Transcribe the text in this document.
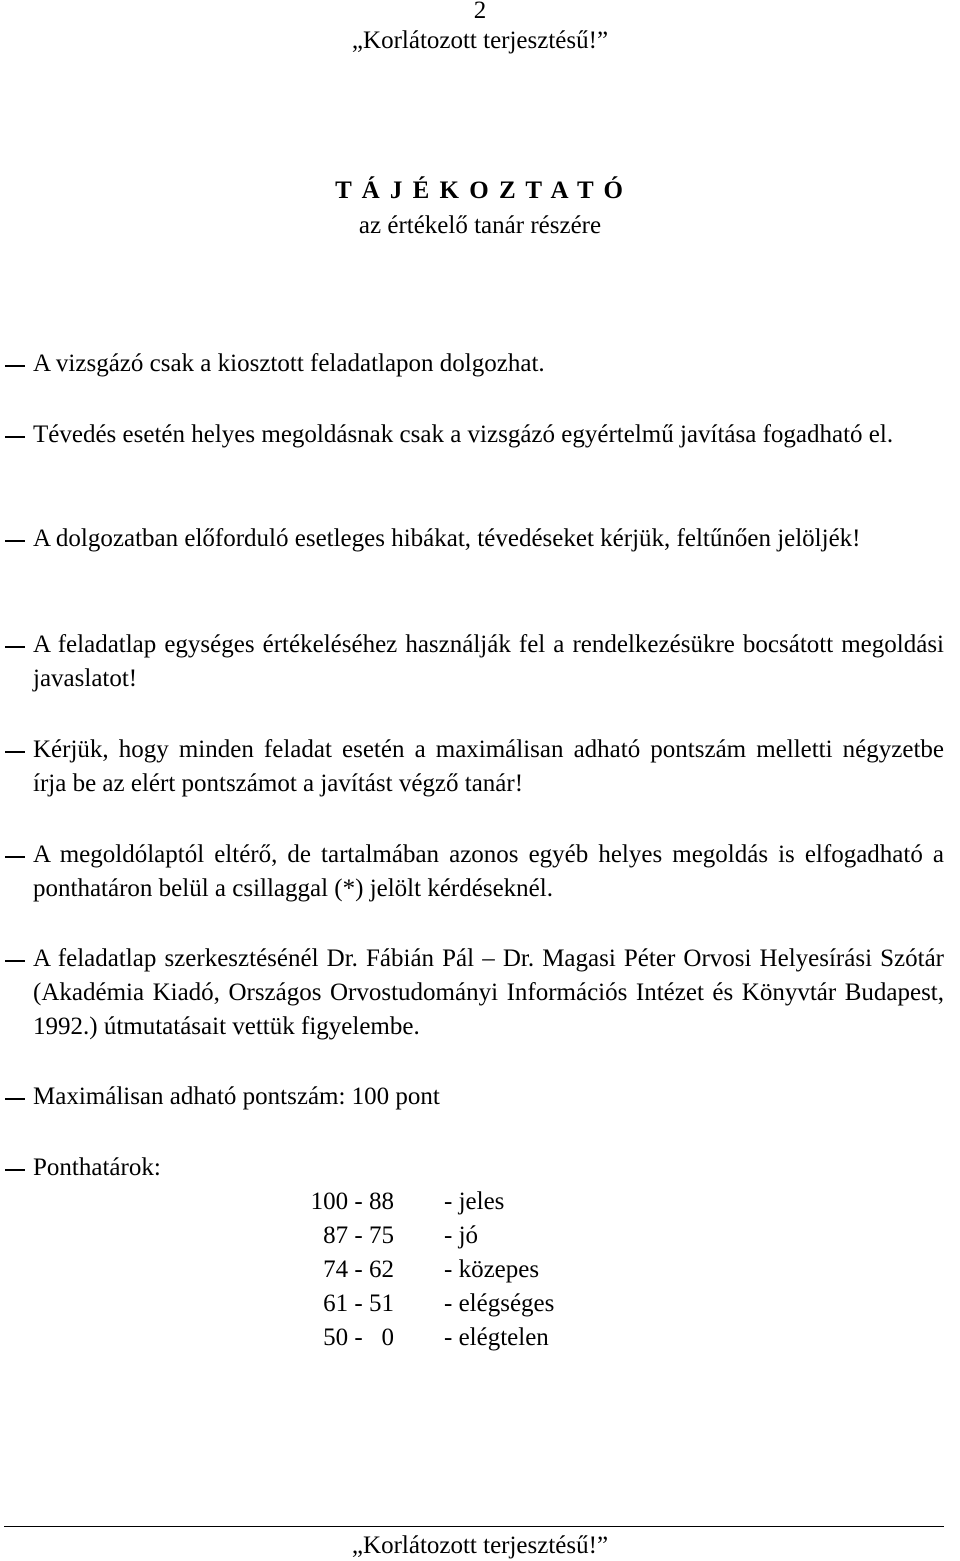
2
„Korlátozott terjesztésű!”
T Á J É K O Z T A T Ó
az értékelő tanár részére
A vizsgázó csak a kiosztott feladatlapon dolgozhat.
Tévedés esetén helyes megoldásnak csak a vizsgázó egyértelmű javítása fogadható el.
A dolgozatban előforduló esetleges hibákat, tévedéseket kérjük, feltűnően jelöljék!
A feladatlap egységes értékeléséhez használják fel a rendelkezésükre bocsátott megoldási javaslatot!
Kérjük, hogy minden feladat esetén a maximálisan adható pontszám melletti négyzetbe írja be az elért pontszámot a javítást végző tanár!
A megoldólaptól eltérő, de tartalmában azonos egyéb helyes megoldás is elfogadható a ponthatáron belül a csillaggal (*) jelölt kérdéseknél.
A feladatlap szerkesztésénél Dr. Fábián Pál – Dr. Magasi Péter Orvosi Helyesírási Szótár (Akadémia Kiadó, Országos Orvostudományi Információs Intézet és Könyvtár Budapest, 1992.) útmutatásait vettük figyelembe.
Maximálisan adható pontszám: 100 pont
Ponthatárok:
100 - 88 - jeles
87 - 75 - jó
74 - 62 - közepes
61 - 51 - elégséges
50 -   0 - elégtelen
„Korlátozott terjesztésű!”
